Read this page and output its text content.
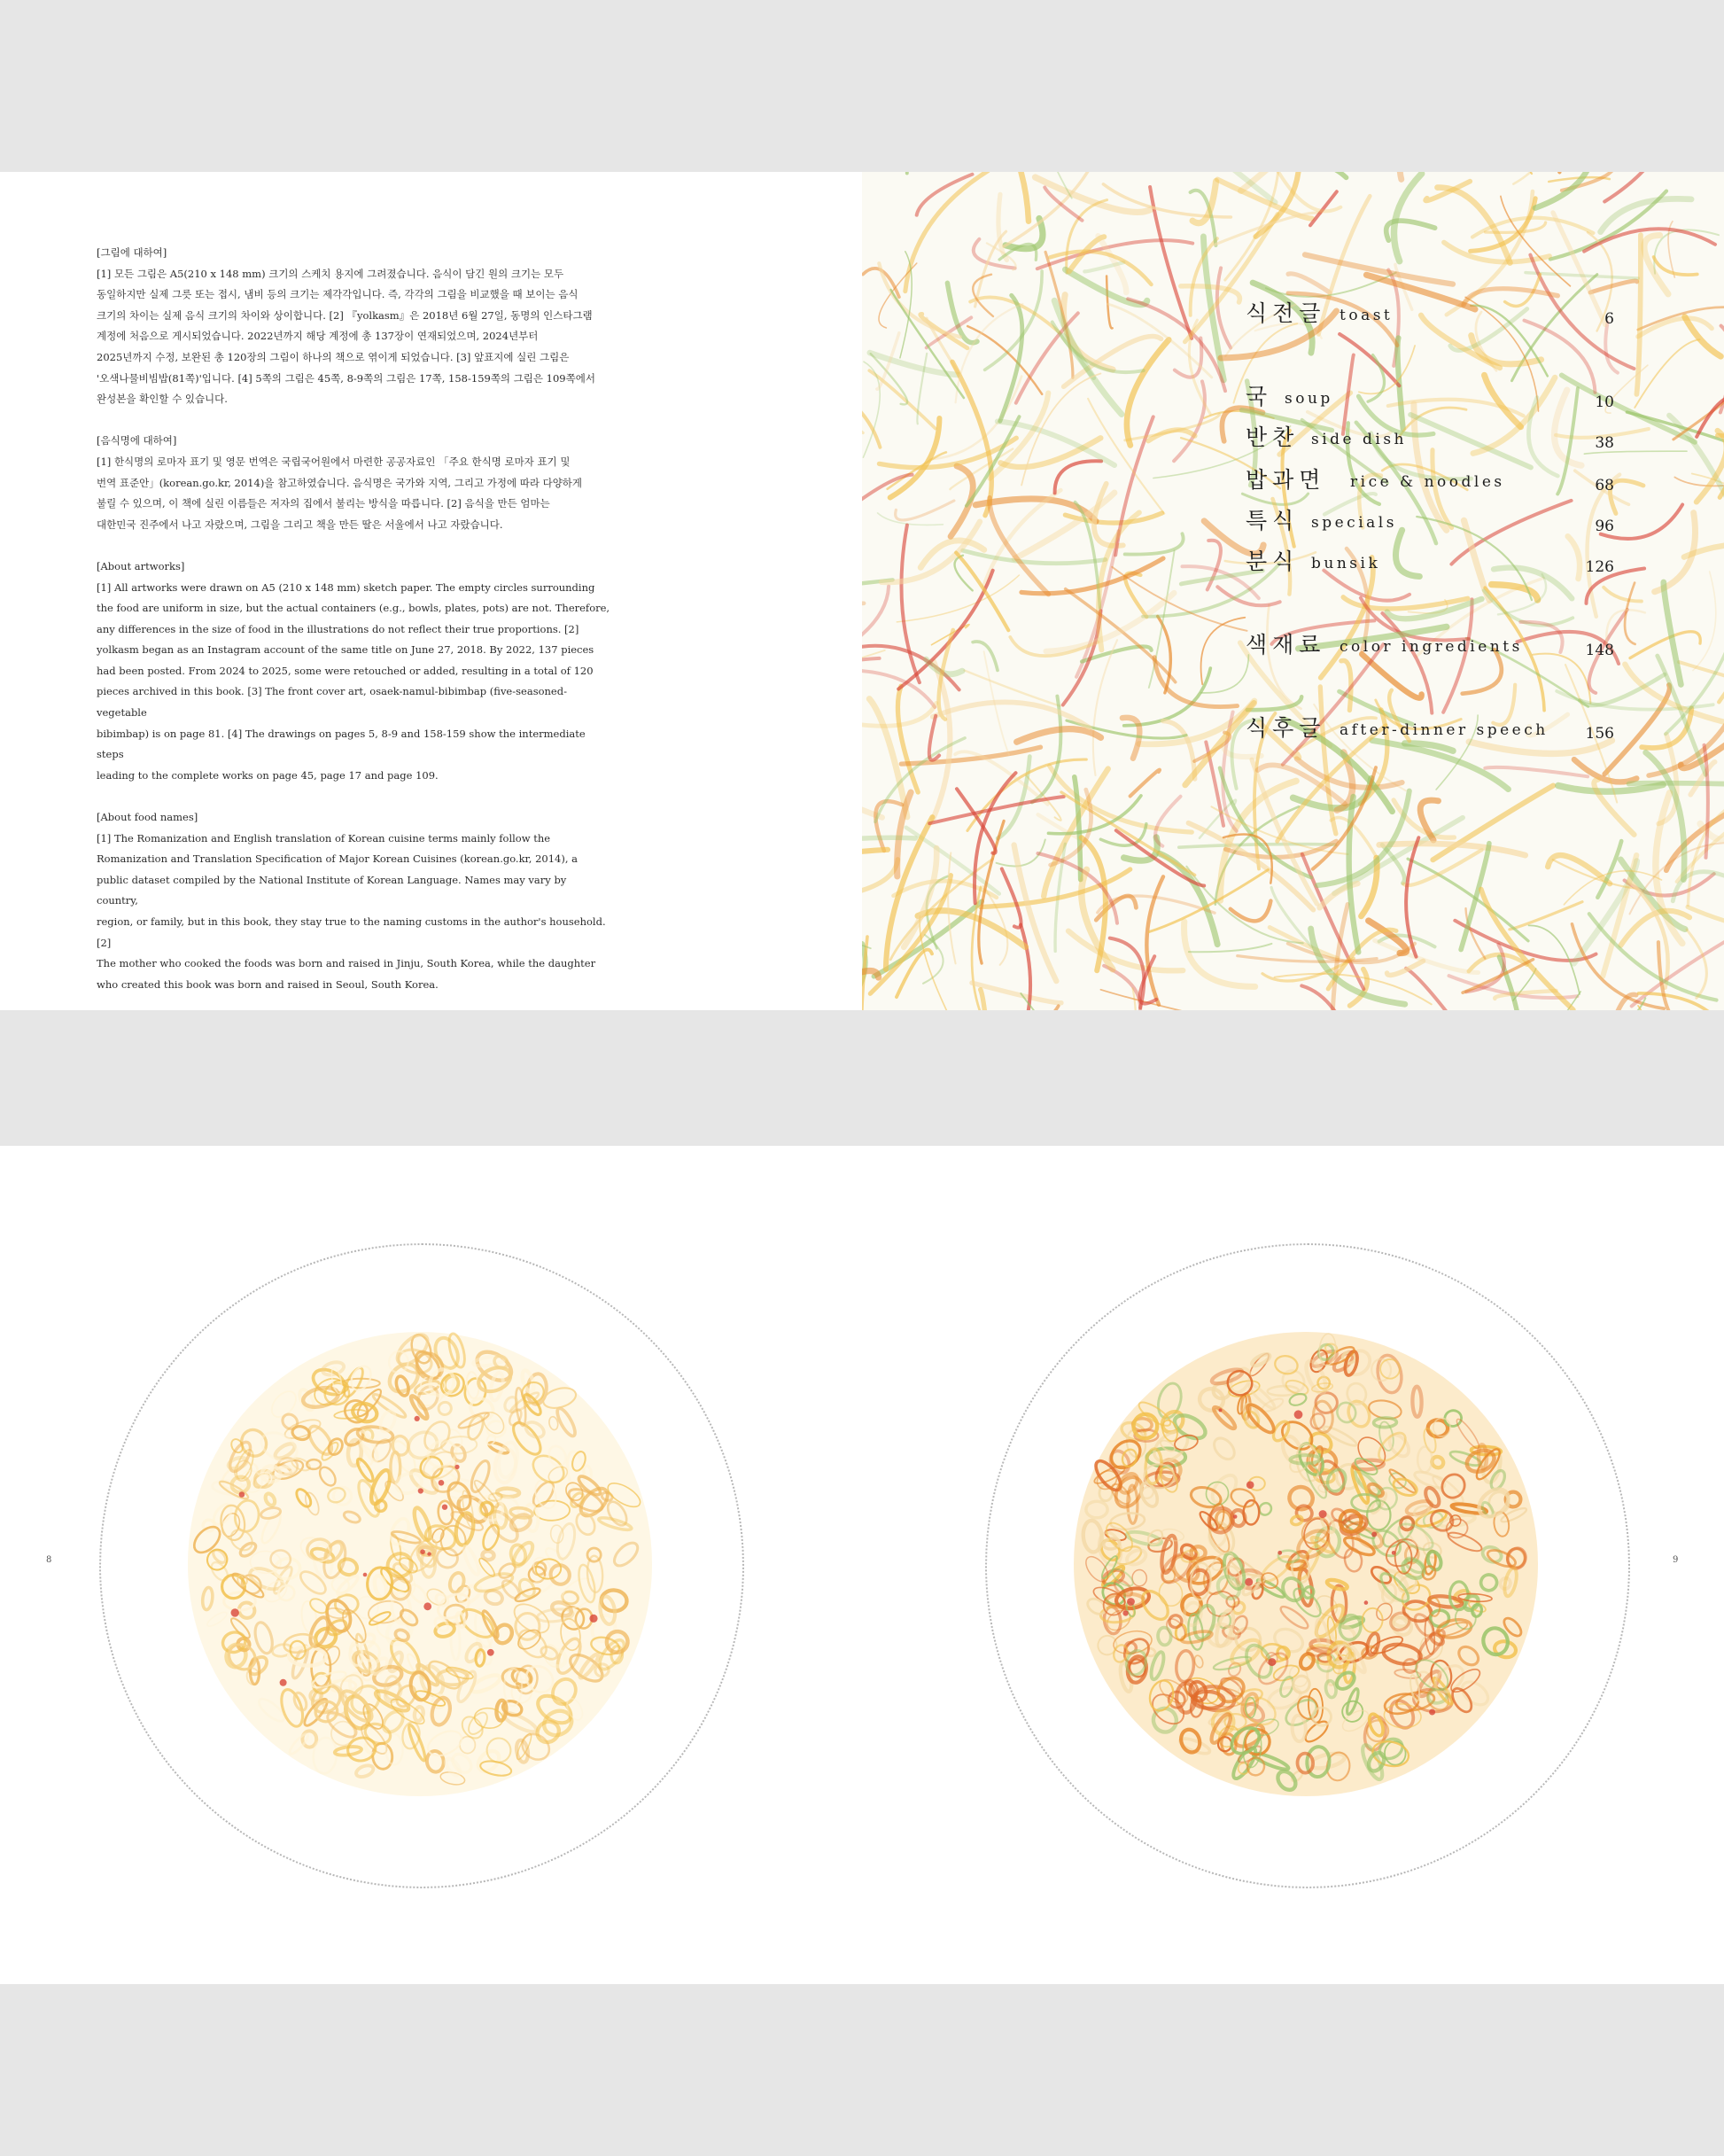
[그림에 대하여]

[1] 모든 그림은 A5(210 x 148 mm) 크기의 스케치 용지에 그려졌습니다. 음식이 담긴 원의 크기는 모두

동일하지만 실제 그릇 또는 접시, 냄비 등의 크기는 제각각입니다. 즉, 각각의 그림을 비교했을 때 보이는 음식

크기의 차이는 실제 음식 크기의 차이와 상이합니다. [2] 『yolkasm』은 2018년 6월 27일, 동명의 인스타그램

계정에 처음으로 게시되었습니다. 2022년까지 해당 계정에 총 137장이 연재되었으며, 2024년부터

2025년까지 수정, 보완된 총 120장의 그림이 하나의 책으로 엮이게 되었습니다. [3] 앞표지에 실린 그림은

'오색나물비빔밥(81쪽)'입니다. [4] 5쪽의 그림은 45쪽, 8-9쪽의 그림은 17쪽, 158-159쪽의 그림은 109쪽에서

완성본을 확인할 수 있습니다.

[음식명에 대하여]

[1] 한식명의 로마자 표기 및 영문 번역은 국립국어원에서 마련한 공공자료인 「주요 한식명 로마자 표기 및

번역 표준안」(korean.go.kr, 2014)을 참고하였습니다. 음식명은 국가와 지역, 그리고 가정에 따라 다양하게

불릴 수 있으며, 이 책에 실린 이름들은 저자의 집에서 불리는 방식을 따릅니다. [2] 음식을 만든 엄마는

대한민국 진주에서 나고 자랐으며, 그림을 그리고 책을 만든 딸은 서울에서 나고 자랐습니다.

[About artworks]

[1] All artworks were drawn on A5 (210 x 148 mm) sketch paper. The empty circles surrounding

the food are uniform in size, but the actual containers (e.g., bowls, plates, pots) are not. Therefore,

any differences in the size of food in the illustrations do not reflect their true proportions. [2]

yolkasm began as an Instagram account of the same title on June 27, 2018. By 2022, 137 pieces

had been posted. From 2024 to 2025, some were retouched or added, resulting in a total of 120

pieces archived in this book. [3] The front cover art, osaek-namul-bibimbap (five-seasoned-vegetable

bibimbap) is on page 81. [4] The drawings on pages 5, 8-9 and 158-159 show the intermediate steps

leading to the complete works on page 45, page 17 and page 109.

[About food names]

[1] The Romanization and English translation of Korean cuisine terms mainly follow the

Romanization and Translation Specification of Major Korean Cuisines (korean.go.kr, 2014), a

public dataset compiled by the National Institute of Korean Language. Names may vary by country,

region, or family, but in this book, they stay true to the naming customs in the author's household. [2]

The mother who cooked the foods was born and raised in Jinju, South Korea, while the daughter

who created this book was born and raised in Seoul, South Korea.

식전글 toast	6
국 soup	10
반찬 side dish	38
밥과면 rice & noodles	68
특식 specials	96
분식 bunsik	126
색재료 color ingredients	148
식후글 after-dinner speech 156
8	9
